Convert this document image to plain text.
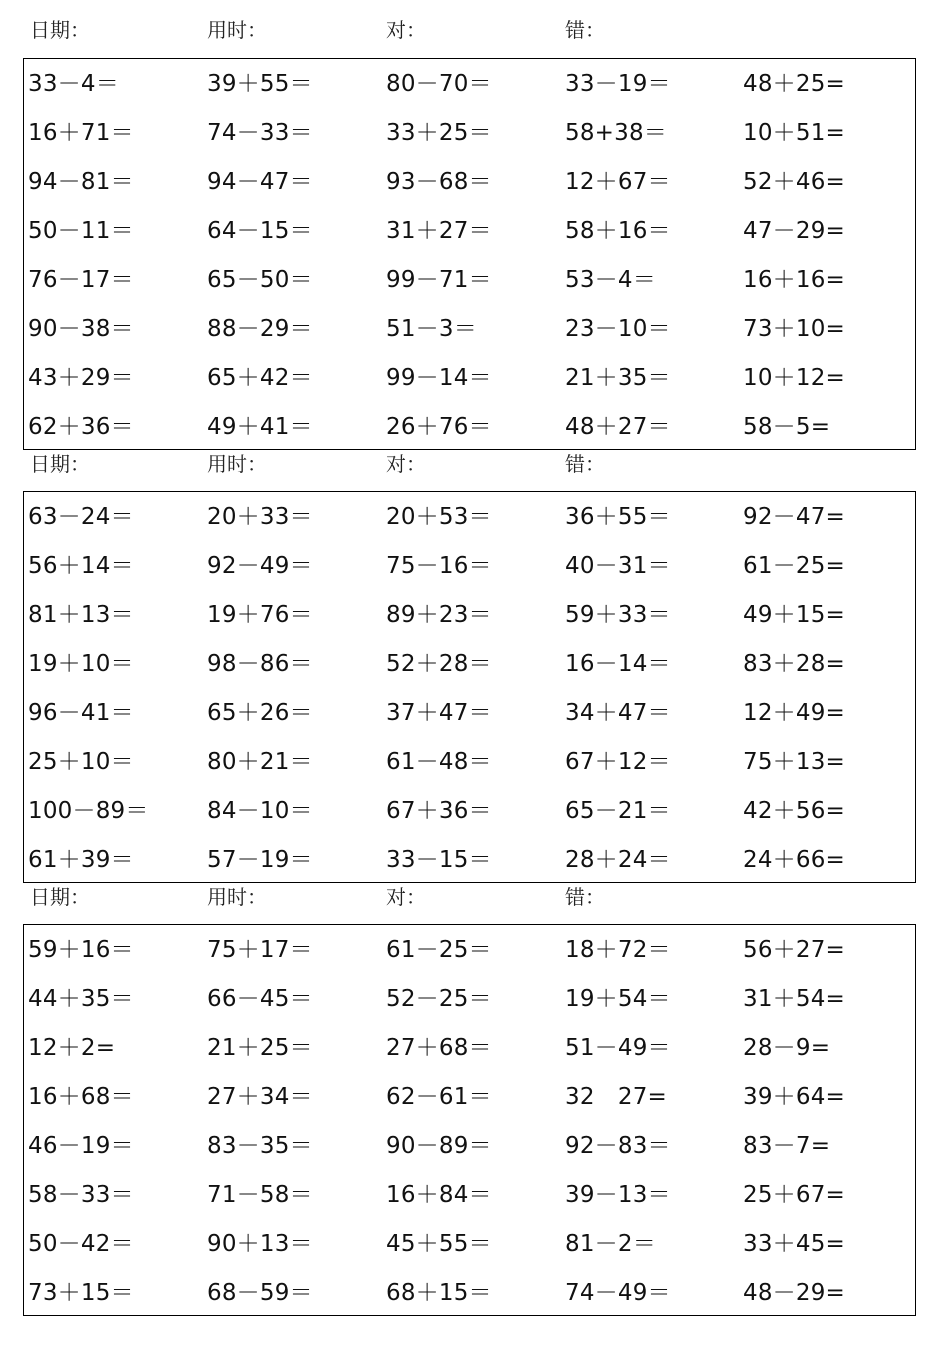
日期：	用时：	对：	错：
33－4＝	39＋55＝	80－70＝	33－19＝	48＋25=
16＋71＝	74－33＝	33＋25＝	58+38＝	10＋51=
94－81＝	94－47＝	93－68＝	12＋67＝	52＋46=
50－11＝	64－15＝	31＋27＝	58＋16＝	47－29=
76－17＝	65－50＝	99－71＝	53－4＝	16＋16=
90－38＝	88－29＝	51－3＝	23－10＝	73＋10=
43＋29＝	65＋42＝	99－14＝	21＋35＝	10＋12=
62＋36＝	49＋41＝	26＋76＝	48＋27＝	58－5=
日期：	用时：	对：	错：
63－24＝	20＋33＝	20＋53＝	36＋55＝	92－47=
56＋14＝	92－49＝	75－16＝	40－31＝	61－25=
81＋13＝	19＋76＝	89＋23＝	59＋33＝	49＋15=
19＋10＝	98－86＝	52＋28＝	16－14＝	83＋28=
96－41＝	65＋26＝	37＋47＝	34＋47＝	12＋49=
25＋10＝	80＋21＝	61－48＝	67＋12＝	75＋13=
100－89＝	84－10＝	67＋36＝	65－21＝	42＋56=
61＋39＝	57－19＝	33－15＝	28＋24＝	24＋66=
日期：	用时：	对：	错：
59＋16＝	75＋17＝	61－25＝	18＋72＝	56＋27=
44＋35＝	66－45＝	52－25＝	19＋54＝	31＋54=
12＋2=	21＋25＝	27＋68＝	51－49＝	28－9=
16＋68＝	27＋34＝	62－61＝	32　27=	39＋64=
46－19＝	83－35＝	90－89＝	92－83＝	83－7=
58－33＝	71－58＝	16＋84＝	39－13＝	25＋67=
50－42＝	90＋13＝	45＋55＝	81－2＝	33＋45=
73＋15＝	68－59＝	68＋15＝	74－49＝	48－29=
